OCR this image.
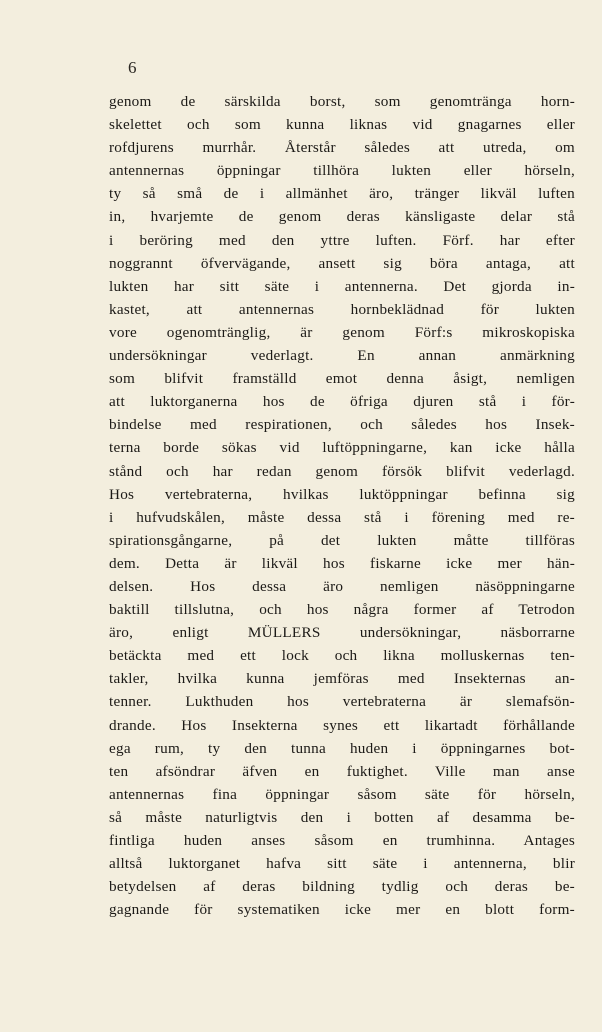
6
genom de särskilda borst, som genomtränga horn-
skelettet och som kunna liknas vid gnagarnes eller
rofdjurens murrhår. Återstår således att utreda, om
antennernas öppningar tillhöra lukten eller hörseln,
ty så små de i allmänhet äro, tränger likväl luften
in, hvarjemte de genom deras känsligaste delar stå
i beröring med den yttre luften. Förf. har efter
noggrannt öfvervägande, ansett sig böra antaga, att
lukten har sitt säte i antennerna. Det gjorda in-
kastet, att antennernas hornbeklädnad för lukten
vore ogenomtränglig, är genom Förf:s mikroskopiska
undersökningar vederlagt. En annan anmärkning
som blifvit framställd emot denna åsigt, nemligen
att luktorganerna hos de öfriga djuren stå i för-
bindelse med respirationen, och således hos Insek-
terna borde sökas vid luftöppningarne, kan icke hålla
stånd och har redan genom försök blifvit vederlagd.
Hos vertebraterna, hvilkas luktöppningar befinna sig
i hufvudskålen, måste dessa stå i förening med re-
spirationsgångarne, på det lukten måtte tillföras
dem. Detta är likväl hos fiskarne icke mer hän-
delsen. Hos dessa äro nemligen näsöppningarne
baktill tillslutna, och hos några former af Tetrodon
äro, enligt MÜLLERS undersökningar, näsborrarne
betäckta med ett lock och likna molluskernas ten-
takler, hvilka kunna jemföras med Insekternas an-
tenner. Lukthuden hos vertebraterna är slemafsön-
drande. Hos Insekterna synes ett likartadt förhållande
ega rum, ty den tunna huden i öppningarnes bot-
ten afsöndrar äfven en fuktighet. Ville man anse
antennernas fina öppningar såsom säte för hörseln,
så måste naturligtvis den i botten af desamma be-
fintliga huden anses såsom en trumhinna. Antages
alltså luktorganet hafva sitt säte i antennerna, blir
betydelsen af deras bildning tydlig och deras be-
gagnande för systematiken icke mer en blott form-
